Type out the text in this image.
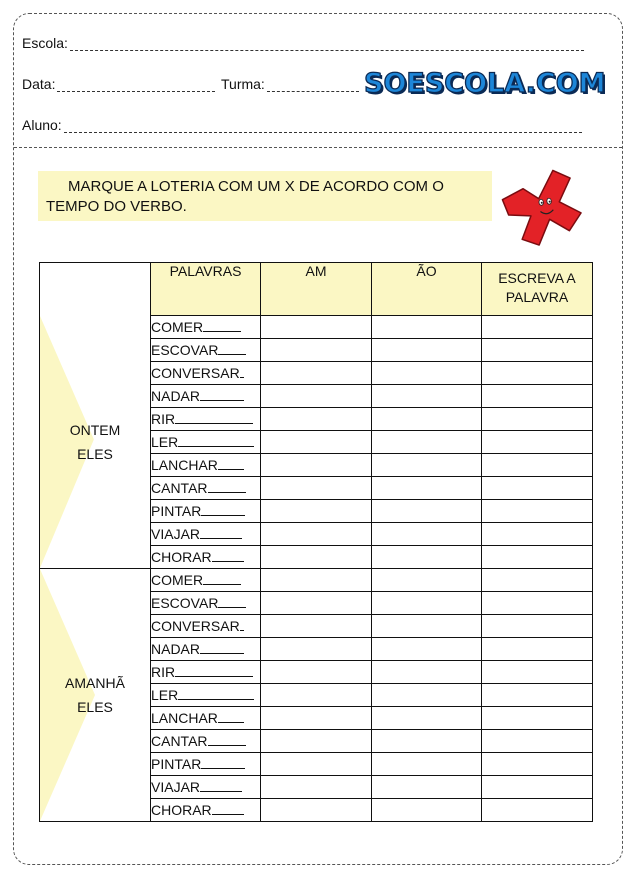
Escola:
Data:	Turma:	SOESCOLA.COM
Aluno:
MARQUE A LOTERIA COM UM X DE ACORDO COM O TEMPO DO VERBO.
	PALAVRAS	AM	ÃO	ESCREVA A
PALAVRA

ONTEM
ELES	COMER			
	ESCOVAR			
	CONVERSAR			
	NADAR			
	RIR			
	LER			
	LANCHAR			
	CANTAR			
	PINTAR			
	VIAJAR			
	CHORAR			

AMANHÃ
ELES	COMER			
	ESCOVAR			
	CONVERSAR			
	NADAR			
	RIR			
	LER			
	LANCHAR			
	CANTAR			
	PINTAR			
	VIAJAR			
	CHORAR			
